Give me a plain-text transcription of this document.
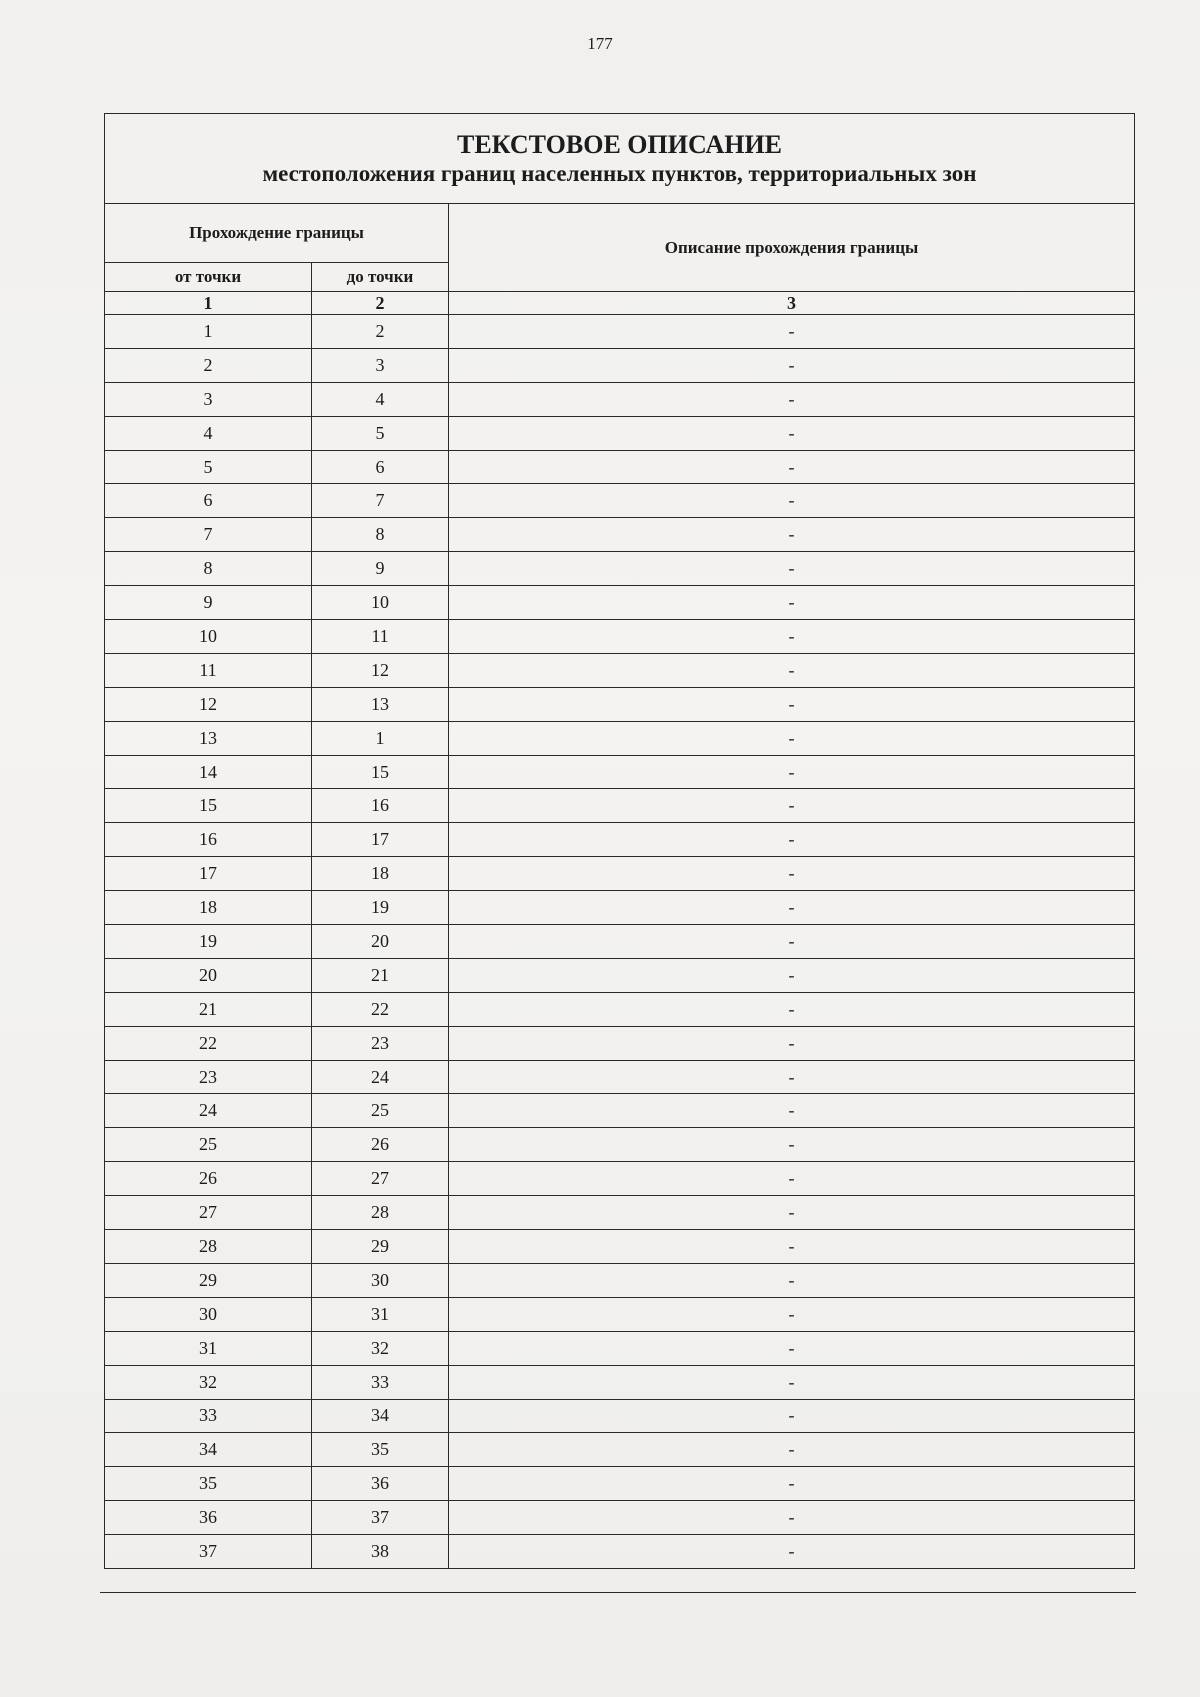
177
ТЕКСТОВОЕ ОПИСАНИЕ
местоположения границ населенных пунктов, территориальных зон		

Прохождение границы		Описание прохождения границы
от точки	до точки	
1	2	3
1	2	-
2	3	-
3	4	-
4	5	-
5	6	-
6	7	-
7	8	-
8	9	-
9	10	-
10	11	-
11	12	-
12	13	-
13	1	-
14	15	-
15	16	-
16	17	-
17	18	-
18	19	-
19	20	-
20	21	-
21	22	-
22	23	-
23	24	-
24	25	-
25	26	-
26	27	-
27	28	-
28	29	-
29	30	-
30	31	-
31	32	-
32	33	-
33	34	-
34	35	-
35	36	-
36	37	-
37	38	-
